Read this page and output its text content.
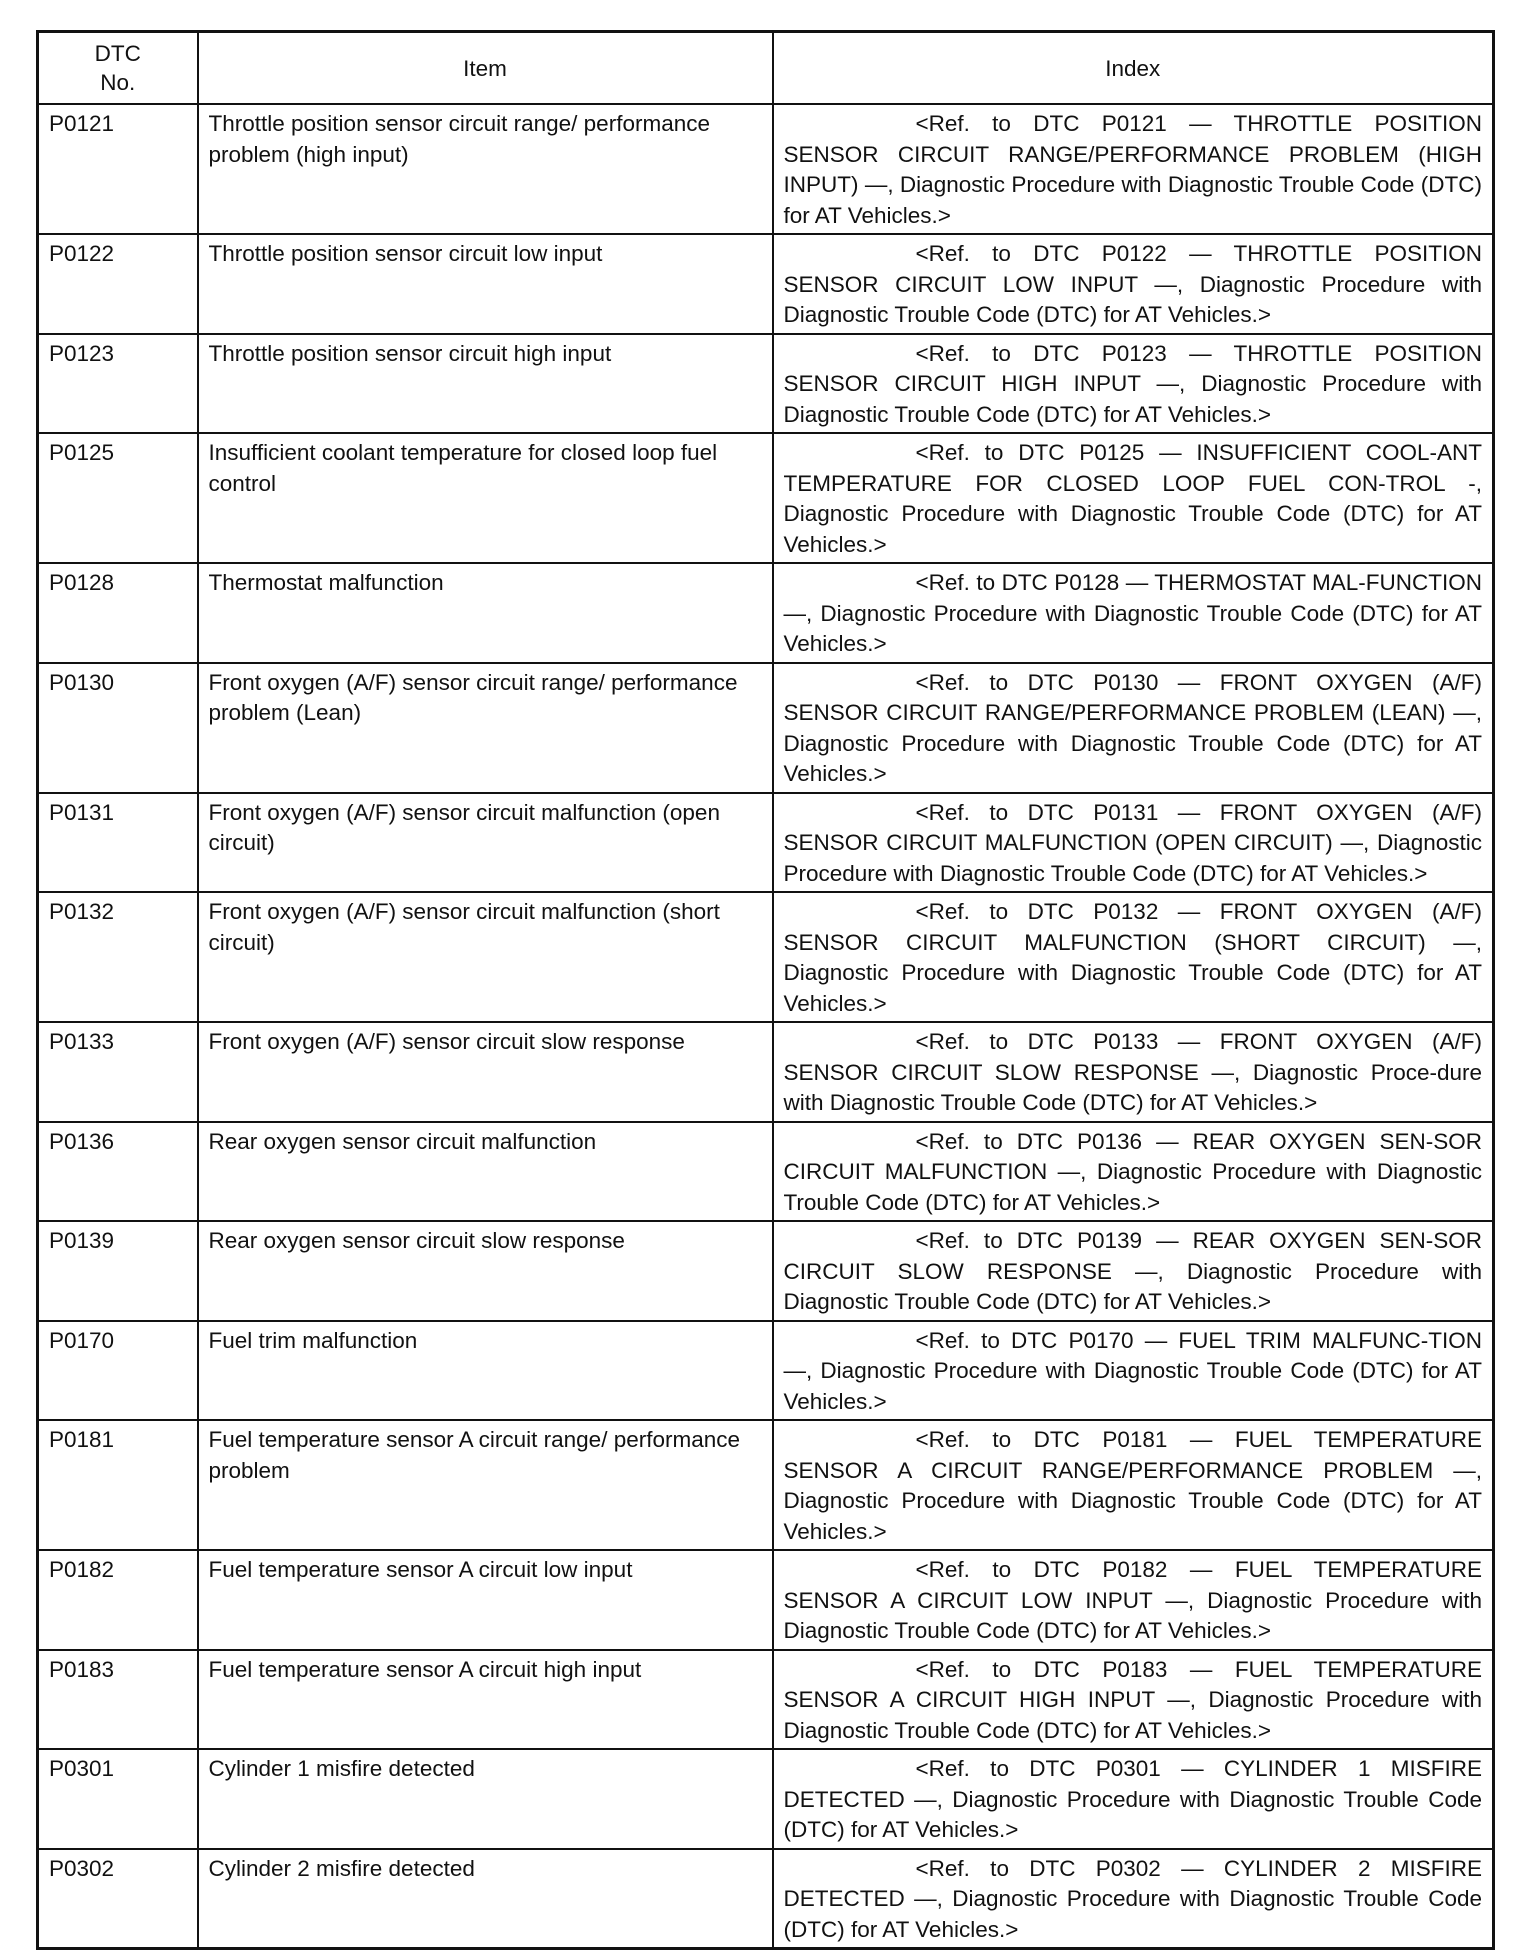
DTC
No.	Item	Index
P0121	Throttle position sensor circuit range/ performance problem (high input)	<Ref. to DTC P0121 — THROTTLE POSITION SENSOR CIRCUIT RANGE/PERFORMANCE PROBLEM (HIGH INPUT) —, Diagnostic Procedure with Diagnostic Trouble Code (DTC) for AT Vehicles.>

P0122	Throttle position sensor circuit low input	<Ref. to DTC P0122 — THROTTLE POSITION SENSOR CIRCUIT LOW INPUT —, Diagnostic Procedure with Diagnostic Trouble Code (DTC) for AT Vehicles.>

P0123	Throttle position sensor circuit high input	<Ref. to DTC P0123 — THROTTLE POSITION SENSOR CIRCUIT HIGH INPUT —, Diagnostic Procedure with Diagnostic Trouble Code (DTC) for AT Vehicles.>

P0125	Insufficient coolant temperature for closed loop fuel control	<Ref. to DTC P0125 — INSUFFICIENT COOL-ANT TEMPERATURE FOR CLOSED LOOP FUEL CON-TROL -, Diagnostic Procedure with Diagnostic Trouble Code (DTC) for AT Vehicles.>

P0128	Thermostat malfunction	<Ref. to DTC P0128 — THERMOSTAT MAL-FUNCTION —, Diagnostic Procedure with Diagnostic Trouble Code (DTC) for AT Vehicles.>

P0130	Front oxygen (A/F) sensor circuit range/ performance problem (Lean)	<Ref. to DTC P0130 — FRONT OXYGEN (A/F) SENSOR CIRCUIT RANGE/PERFORMANCE PROBLEM (LEAN) —, Diagnostic Procedure with Diagnostic Trouble Code (DTC) for AT Vehicles.>

P0131	Front oxygen (A/F) sensor circuit malfunction (open circuit)	<Ref. to DTC P0131 — FRONT OXYGEN (A/F) SENSOR CIRCUIT MALFUNCTION (OPEN CIRCUIT) —, Diagnostic Procedure with Diagnostic Trouble Code (DTC) for AT Vehicles.>

P0132	Front oxygen (A/F) sensor circuit malfunction (short circuit)	<Ref. to DTC P0132 — FRONT OXYGEN (A/F) SENSOR CIRCUIT MALFUNCTION (SHORT CIRCUIT) —, Diagnostic Procedure with Diagnostic Trouble Code (DTC) for AT Vehicles.>

P0133	Front oxygen (A/F) sensor circuit slow response	<Ref. to DTC P0133 — FRONT OXYGEN (A/F) SENSOR CIRCUIT SLOW RESPONSE —, Diagnostic Proce-dure with Diagnostic Trouble Code (DTC) for AT Vehicles.>

P0136	Rear oxygen sensor circuit malfunction	<Ref. to DTC P0136 — REAR OXYGEN SEN-SOR CIRCUIT MALFUNCTION —, Diagnostic Procedure with Diagnostic Trouble Code (DTC) for AT Vehicles.>

P0139	Rear oxygen sensor circuit slow response	<Ref. to DTC P0139 — REAR OXYGEN SEN-SOR CIRCUIT SLOW RESPONSE —, Diagnostic Procedure with Diagnostic Trouble Code (DTC) for AT Vehicles.>

P0170	Fuel trim malfunction	<Ref. to DTC P0170 — FUEL TRIM MALFUNC-TION —, Diagnostic Procedure with Diagnostic Trouble Code (DTC) for AT Vehicles.>

P0181	Fuel temperature sensor A circuit range/ performance problem	<Ref. to DTC P0181 — FUEL TEMPERATURE SENSOR A CIRCUIT RANGE/PERFORMANCE PROBLEM —, Diagnostic Procedure with Diagnostic Trouble Code (DTC) for AT Vehicles.>

P0182	Fuel temperature sensor A circuit low input	<Ref. to DTC P0182 — FUEL TEMPERATURE SENSOR A CIRCUIT LOW INPUT —, Diagnostic Procedure with Diagnostic Trouble Code (DTC) for AT Vehicles.>

P0183	Fuel temperature sensor A circuit high input	<Ref. to DTC P0183 — FUEL TEMPERATURE SENSOR A CIRCUIT HIGH INPUT —, Diagnostic Procedure with Diagnostic Trouble Code (DTC) for AT Vehicles.>

P0301	Cylinder 1 misfire detected	<Ref. to DTC P0301 — CYLINDER 1 MISFIRE DETECTED —, Diagnostic Procedure with Diagnostic Trouble Code (DTC) for AT Vehicles.>

P0302	Cylinder 2 misfire detected	<Ref. to DTC P0302 — CYLINDER 2 MISFIRE DETECTED —, Diagnostic Procedure with Diagnostic Trouble Code (DTC) for AT Vehicles.>
